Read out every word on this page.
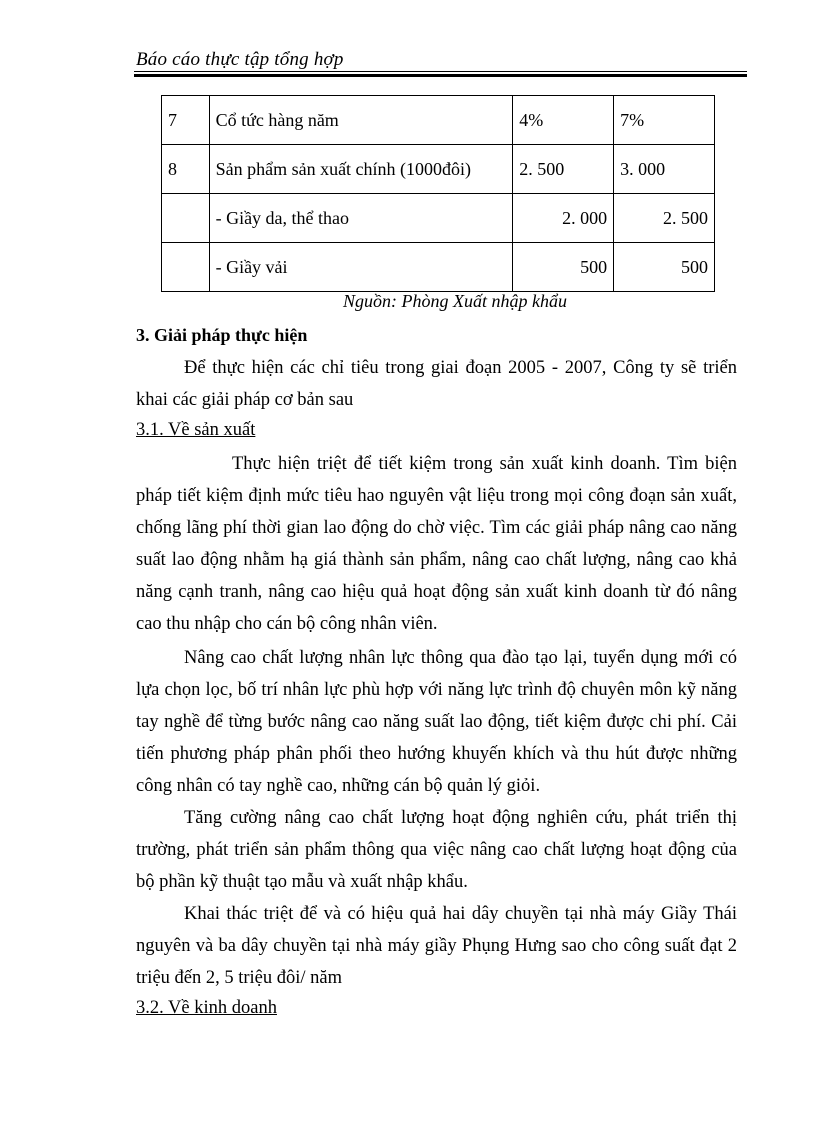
Báo cáo thực tập tổng hợp
7	Cổ tức hàng năm	4%	7%
8	Sản phẩm sản xuất chính (1000đôi)	2. 500	3. 000
	- Giầy da, thể thao	2. 000	2. 500
	- Giầy vải	500	500
Nguồn: Phòng Xuất nhập khẩu
3. Giải pháp thực hiện

Để thực hiện các chỉ tiêu trong giai đoạn 2005 - 2007, Công ty sẽ triển khai các giải pháp cơ bản sau

3.1. Về sản xuất

Thực hiện triệt để tiết kiệm trong sản xuất kinh doanh. Tìm biện pháp tiết kiệm định mức tiêu hao nguyên vật liệu trong mọi công đoạn sản xuất, chống lãng phí thời gian lao động do chờ việc. Tìm các giải pháp nâng cao năng suất lao động nhằm hạ giá thành sản phẩm, nâng cao chất lượng, nâng cao khả năng cạnh tranh, nâng cao hiệu quả hoạt động sản xuất kinh doanh từ đó nâng cao thu nhập cho cán bộ công nhân viên.

Nâng cao chất lượng nhân lực thông qua đào tạo lại, tuyển dụng mới có lựa chọn lọc, bố trí nhân lực phù hợp với năng lực trình độ chuyên môn kỹ năng tay nghề để từng bước nâng cao năng suất lao động, tiết kiệm được chi phí. Cải tiến phương pháp phân phối theo hướng khuyến khích và thu hút được những công nhân có tay nghề cao, những cán bộ quản lý giỏi.

Tăng cường nâng cao chất lượng hoạt động nghiên cứu, phát triển thị trường, phát triển sản phẩm thông qua việc nâng cao chất lượng hoạt động của bộ phần kỹ thuật tạo mẫu và xuất nhập khẩu.

Khai thác triệt để và có hiệu quả hai dây chuyền tại nhà máy Giầy Thái nguyên và ba dây chuyền tại nhà máy giầy Phụng Hưng sao cho công suất đạt 2 triệu đến 2, 5 triệu đôi/ năm

3.2. Về kinh doanh
